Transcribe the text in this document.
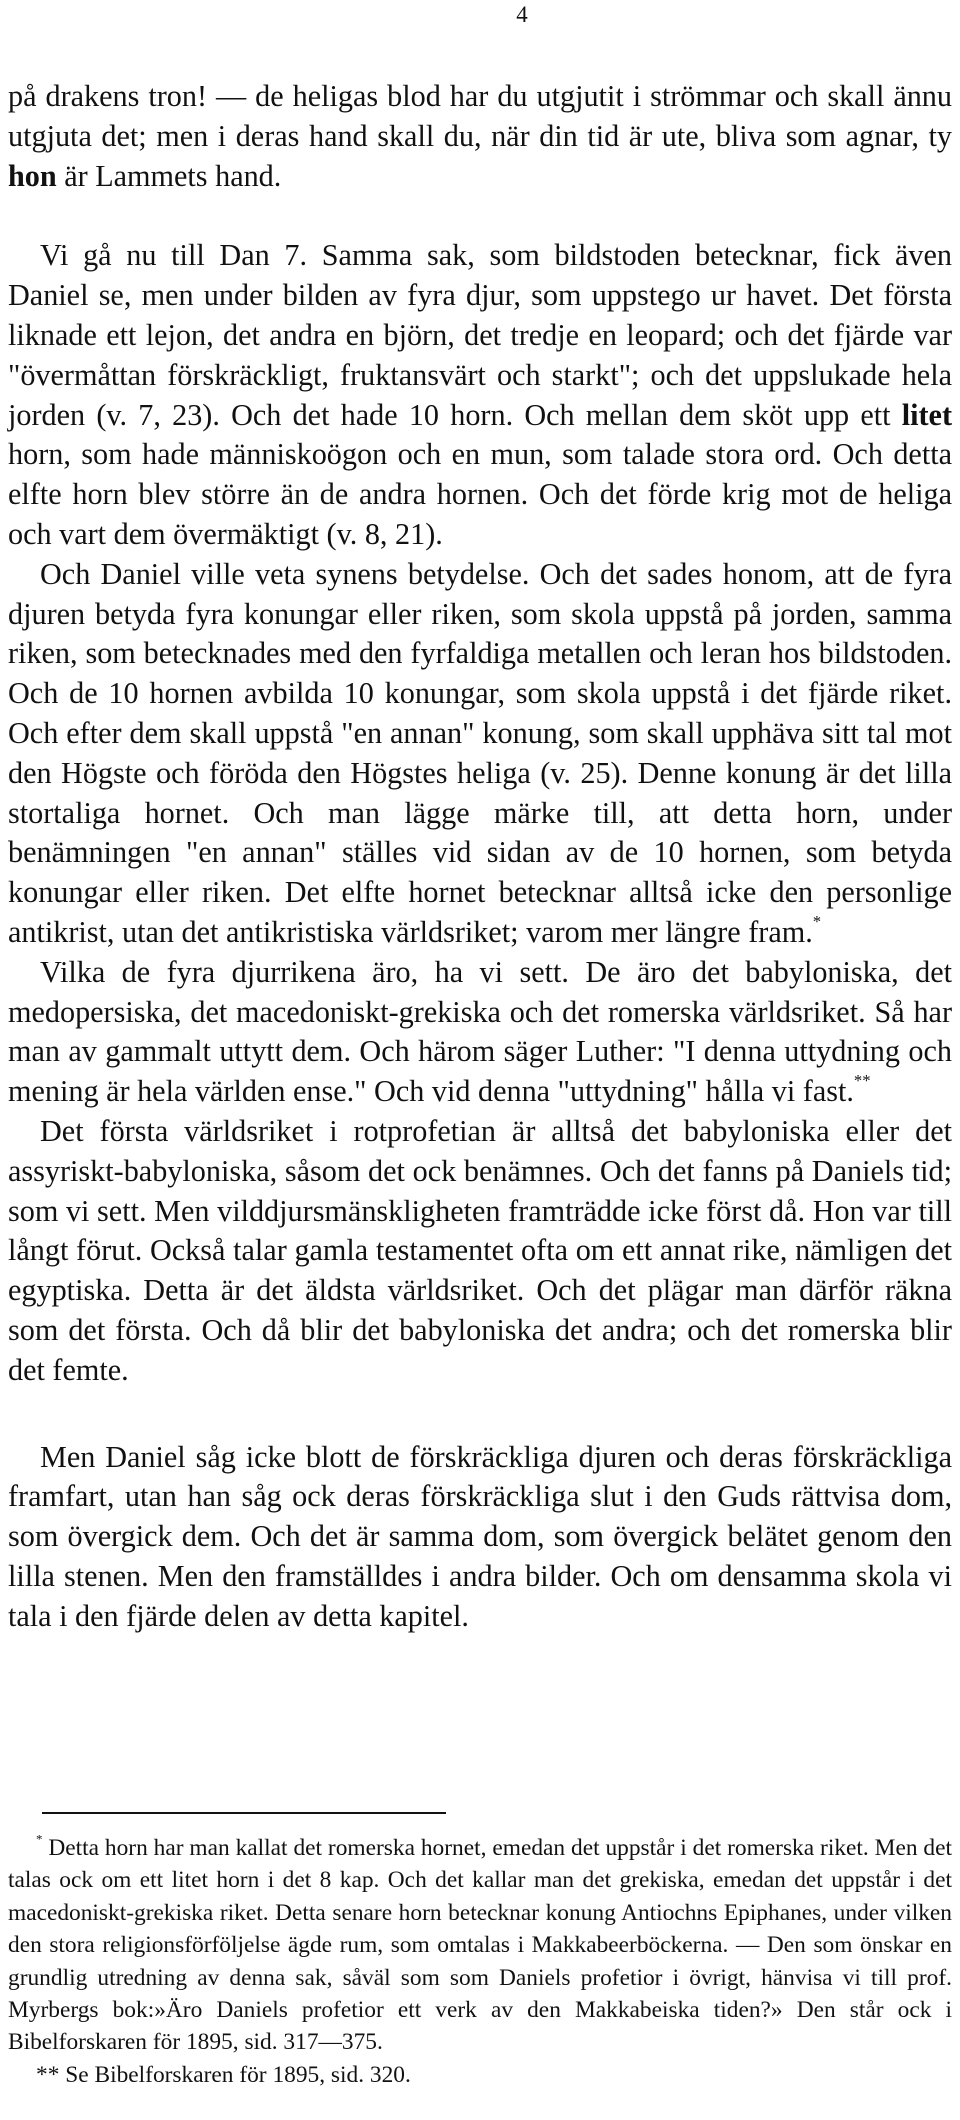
4

på drakens tron! — de heligas blod har du utgjutit i strömmar och skall ännu utgjuta det; men i deras hand skall du, när din tid är ute, bliva som agnar, ty hon är Lammets hand.

Vi gå nu till Dan 7. Samma sak, som bildstoden betecknar, fick även Daniel se, men under bilden av fyra djur, som uppstego ur havet. Det första liknade ett lejon, det andra en björn, det tredje en leopard; och det fjärde var "övermåttan förskräckligt, fruktansvärt och starkt"; och det uppslukade hela jorden (v. 7, 23). Och det hade 10 horn. Och mellan dem sköt upp ett litet horn, som hade människoögon och en mun, som talade stora ord. Och detta elfte horn blev större än de andra hornen. Och det förde krig mot de heliga och vart dem övermäktigt (v. 8, 21).

Och Daniel ville veta synens betydelse. Och det sades honom, att de fyra djuren betyda fyra konungar eller riken, som skola uppstå på jorden, samma riken, som betecknades med den fyrfaldiga metallen och leran hos bildstoden. Och de 10 hornen avbilda 10 konungar, som skola uppstå i det fjärde riket. Och efter dem skall uppstå "en annan" konung, som skall upphäva sitt tal mot den Högste och föröda den Högstes heliga (v. 25). Denne konung är det lilla stortaliga hornet. Och man lägge märke till, att detta horn, under benämningen "en annan" ställes vid sidan av de 10 hornen, som betyda konungar eller riken. Det elfte hornet betecknar alltså icke den personlige antikrist, utan det antikristiska världsriket; varom mer längre fram.*

Vilka de fyra djurrikena äro, ha vi sett. De äro det babyloniska, det medopersiska, det macedoniskt-grekiska och det romerska världsriket. Så har man av gammalt uttytt dem. Och härom säger Luther: "I denna uttydning och mening är hela världen ense." Och vid denna "uttydning" hålla vi fast.**

Det första världsriket i rotprofetian är alltså det babyloniska eller det assyriskt-babyloniska, såsom det ock benämnes. Och det fanns på Daniels tid; som vi sett. Men vilddjursmänskligheten framträdde icke först då. Hon var till långt förut. Också talar gamla testamentet ofta om ett annat rike, nämligen det egyptiska. Detta är det äldsta världsriket. Och det plägar man därför räkna som det första. Och då blir det babyloniska det andra; och det romerska blir det femte.

Men Daniel såg icke blott de förskräckliga djuren och deras förskräckliga framfart, utan han såg ock deras förskräckliga slut i den Guds rättvisa dom, som övergick dem. Och det är samma dom, som övergick belätet genom den lilla stenen. Men den framställdes i andra bilder. Och om densamma skola vi tala i den fjärde delen av detta kapitel.

* Detta horn har man kallat det romerska hornet, emedan det uppstår i det romerska riket. Men det talas ock om ett litet horn i det 8 kap. Och det kallar man det grekiska, emedan det uppstår i det macedoniskt-grekiska riket. Detta senare horn betecknar konung Antiochns Epiphanes, under vilken den stora religionsförföljelse ägde rum, som omtalas i Makkabeerböckerna. — Den som önskar en grundlig utredning av denna sak, såväl som som Daniels profetior i övrigt, hänvisa vi till prof. Myrbergs bok:»Äro Daniels profetior ett verk av den Makkabeiska tiden?» Den står ock i Bibelforskaren för 1895, sid. 317—375.

** Se Bibelforskaren för 1895, sid. 320.
